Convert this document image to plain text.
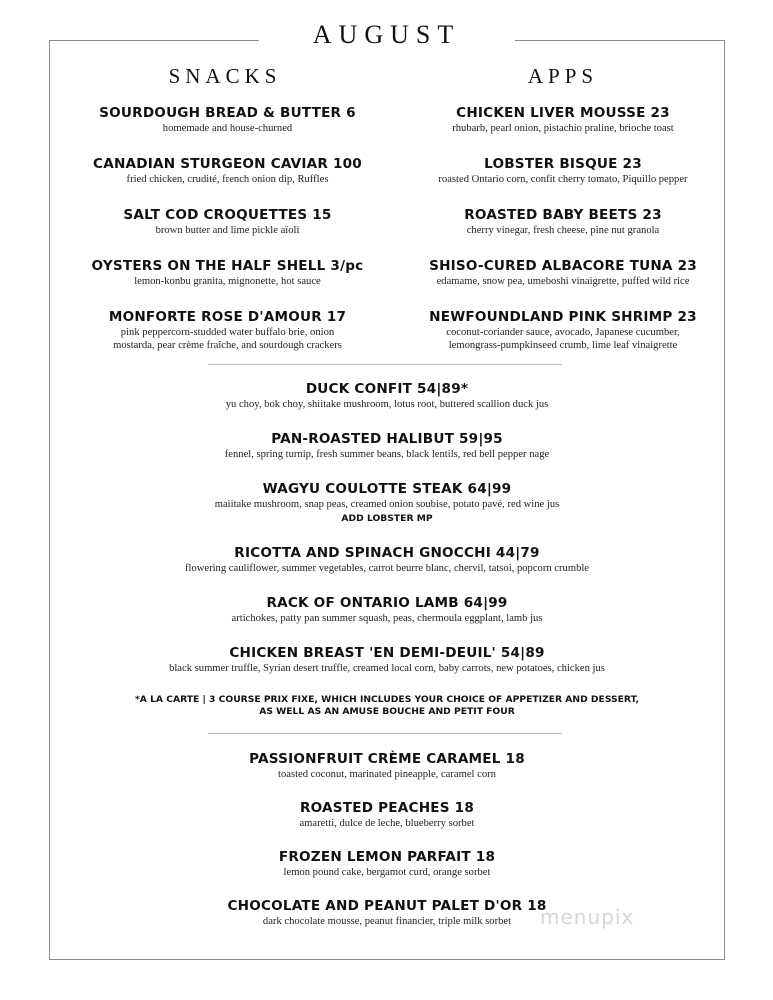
AUGUST
SNACKS	APPS
SOURDOUGH BREAD & BUTTER 6
homemade and house-churned
CANADIAN STURGEON CAVIAR 100
fried chicken, crudité, french onion dip, Ruffles
SALT COD CROQUETTES 15
brown butter and lime pickle aïoli
OYSTERS ON THE HALF SHELL 3/pc
lemon-konbu granita, mignonette, hot sauce
MONFORTE ROSE D'AMOUR 17
pink peppercorn-studded water buffalo brie, onion
mostarda, pear crème fraîche, and sourdough crackers
CHICKEN LIVER MOUSSE 23
rhubarb, pearl onion, pistachio praline, brioche toast
LOBSTER BISQUE 23
roasted Ontario corn, confit cherry tomato, Piquillo pepper
ROASTED BABY BEETS 23
cherry vinegar, fresh cheese, pine nut granola
SHISO-CURED ALBACORE TUNA 23
edamame, snow pea, umeboshi vinaigrette, puffed wild rice
NEWFOUNDLAND PINK SHRIMP 23
coconut-coriander sauce, avocado, Japanese cucumber,
lemongrass-pumpkinseed crumb, lime leaf vinaigrette
DUCK CONFIT 54|89*
yu choy, bok choy, shiitake mushroom, lotus root, buttered scallion duck jus
PAN-ROASTED HALIBUT 59|95
fennel, spring turnip, fresh summer beans, black lentils, red bell pepper nage
WAGYU COULOTTE STEAK 64|99
maiitake mushroom, snap peas, creamed onion soubise, potato pavé, red wine jus
ADD LOBSTER MP
RICOTTA AND SPINACH GNOCCHI 44|79
flowering cauliflower, summer vegetables, carrot beurre blanc, chervil, tatsoi, popcorn crumble
RACK OF ONTARIO LAMB 64|99
artichokes, patty pan summer squash, peas, chermoula eggplant, lamb jus
CHICKEN BREAST 'EN DEMI-DEUIL' 54|89
black summer truffle, Syrian desert truffle, creamed local corn, baby carrots, new potatoes, chicken jus
*A LA CARTE | 3 COURSE PRIX FIXE, WHICH INCLUDES YOUR CHOICE OF APPETIZER AND DESSERT,
AS WELL AS AN AMUSE BOUCHE AND PETIT FOUR
PASSIONFRUIT CRÈME CARAMEL 18
toasted coconut, marinated pineapple, caramel corn
ROASTED PEACHES 18
amaretti, dulce de leche, blueberry sorbet
FROZEN LEMON PARFAIT 18
lemon pound cake, bergamot curd, orange sorbet
CHOCOLATE AND PEANUT PALET D'OR 18
dark chocolate mousse, peanut financier, triple milk sorbet	menupix
